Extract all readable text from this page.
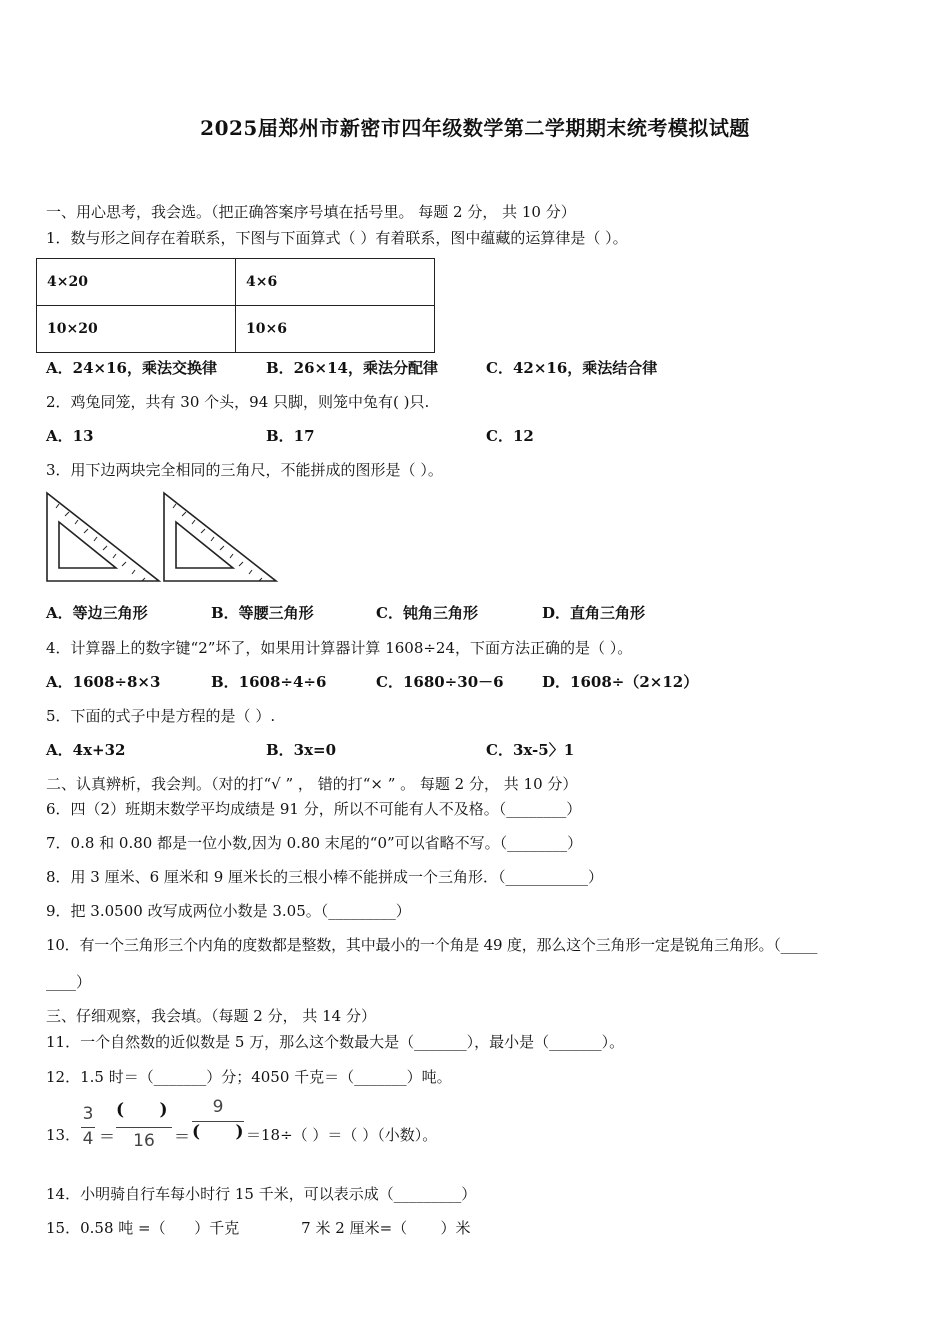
2025届郑州市新密市四年级数学第二学期期末统考模拟试题
一、用心思考，我会选。（把正确答案序号填在括号里。 每题 2 分， 共 10 分）
1．数与形之间存在着联系，下图与下面算式（ ）有着联系，图中蕴藏的运算律是（ ）。
4×20	4×6
10×20	10×6
A．24×16，乘法交换律	B．26×14，乘法分配律	C．42×16，乘法结合律
2．鸡兔同笼，共有 30 个头，94 只脚，则笼中兔有( )只.
A．13	B．17	C．12
3．用下边两块完全相同的三角尺，不能拼成的图形是（ ）。
A．等边三角形	B．等腰三角形	C．钝角三角形	D．直角三角形
4．计算器上的数字键“2”坏了，如果用计算器计算 1608÷24，下面方法正确的是（ ）。
A．1608÷8×3	B．1608÷4÷6	C．1680÷30－6	D．1608÷（2×12）
5．下面的式子中是方程的是（ ）.
A．4x+32	B．3x=0	C．3x-5〉1
二、认真辨析，我会判。（对的打“√ ” ， 错的打“× ” 。 每题 2 分， 共 10 分）
6．四（2）班期末数学平均成绩是 91 分，所以不可能有人不及格。（________）
7．0.8 和 0.80 都是一位小数,因为 0.80 末尾的“0”可以省略不写。（________）
8．用 3 厘米、6 厘米和 9 厘米长的三根小棒不能拼成一个三角形．（___________）
9．把 3.0500 改写成两位小数是 3.05。（_________）
10．有一个三角形三个内角的度数都是整数，其中最小的一个角是 49 度，那么这个三角形一定是锐角三角形。（_____
____）
三、仔细观察，我会填。（每题 2 分， 共 14 分）
11．一个自然数的近似数是 5 万，那么这个数最大是（_______），最小是（_______）。
12．1.5 时＝（_______）分；4050 千克＝（_______）吨。
13．
3
4 ＝
(      )
16	＝
9
(      ) ＝18÷（ ）＝（ ）（小数）。
14．小明骑自行车每小时行 15 千米，可以表示成（_________）
15．0.58 吨 =（      ）千克             7 米 2 厘米=（       ）米
